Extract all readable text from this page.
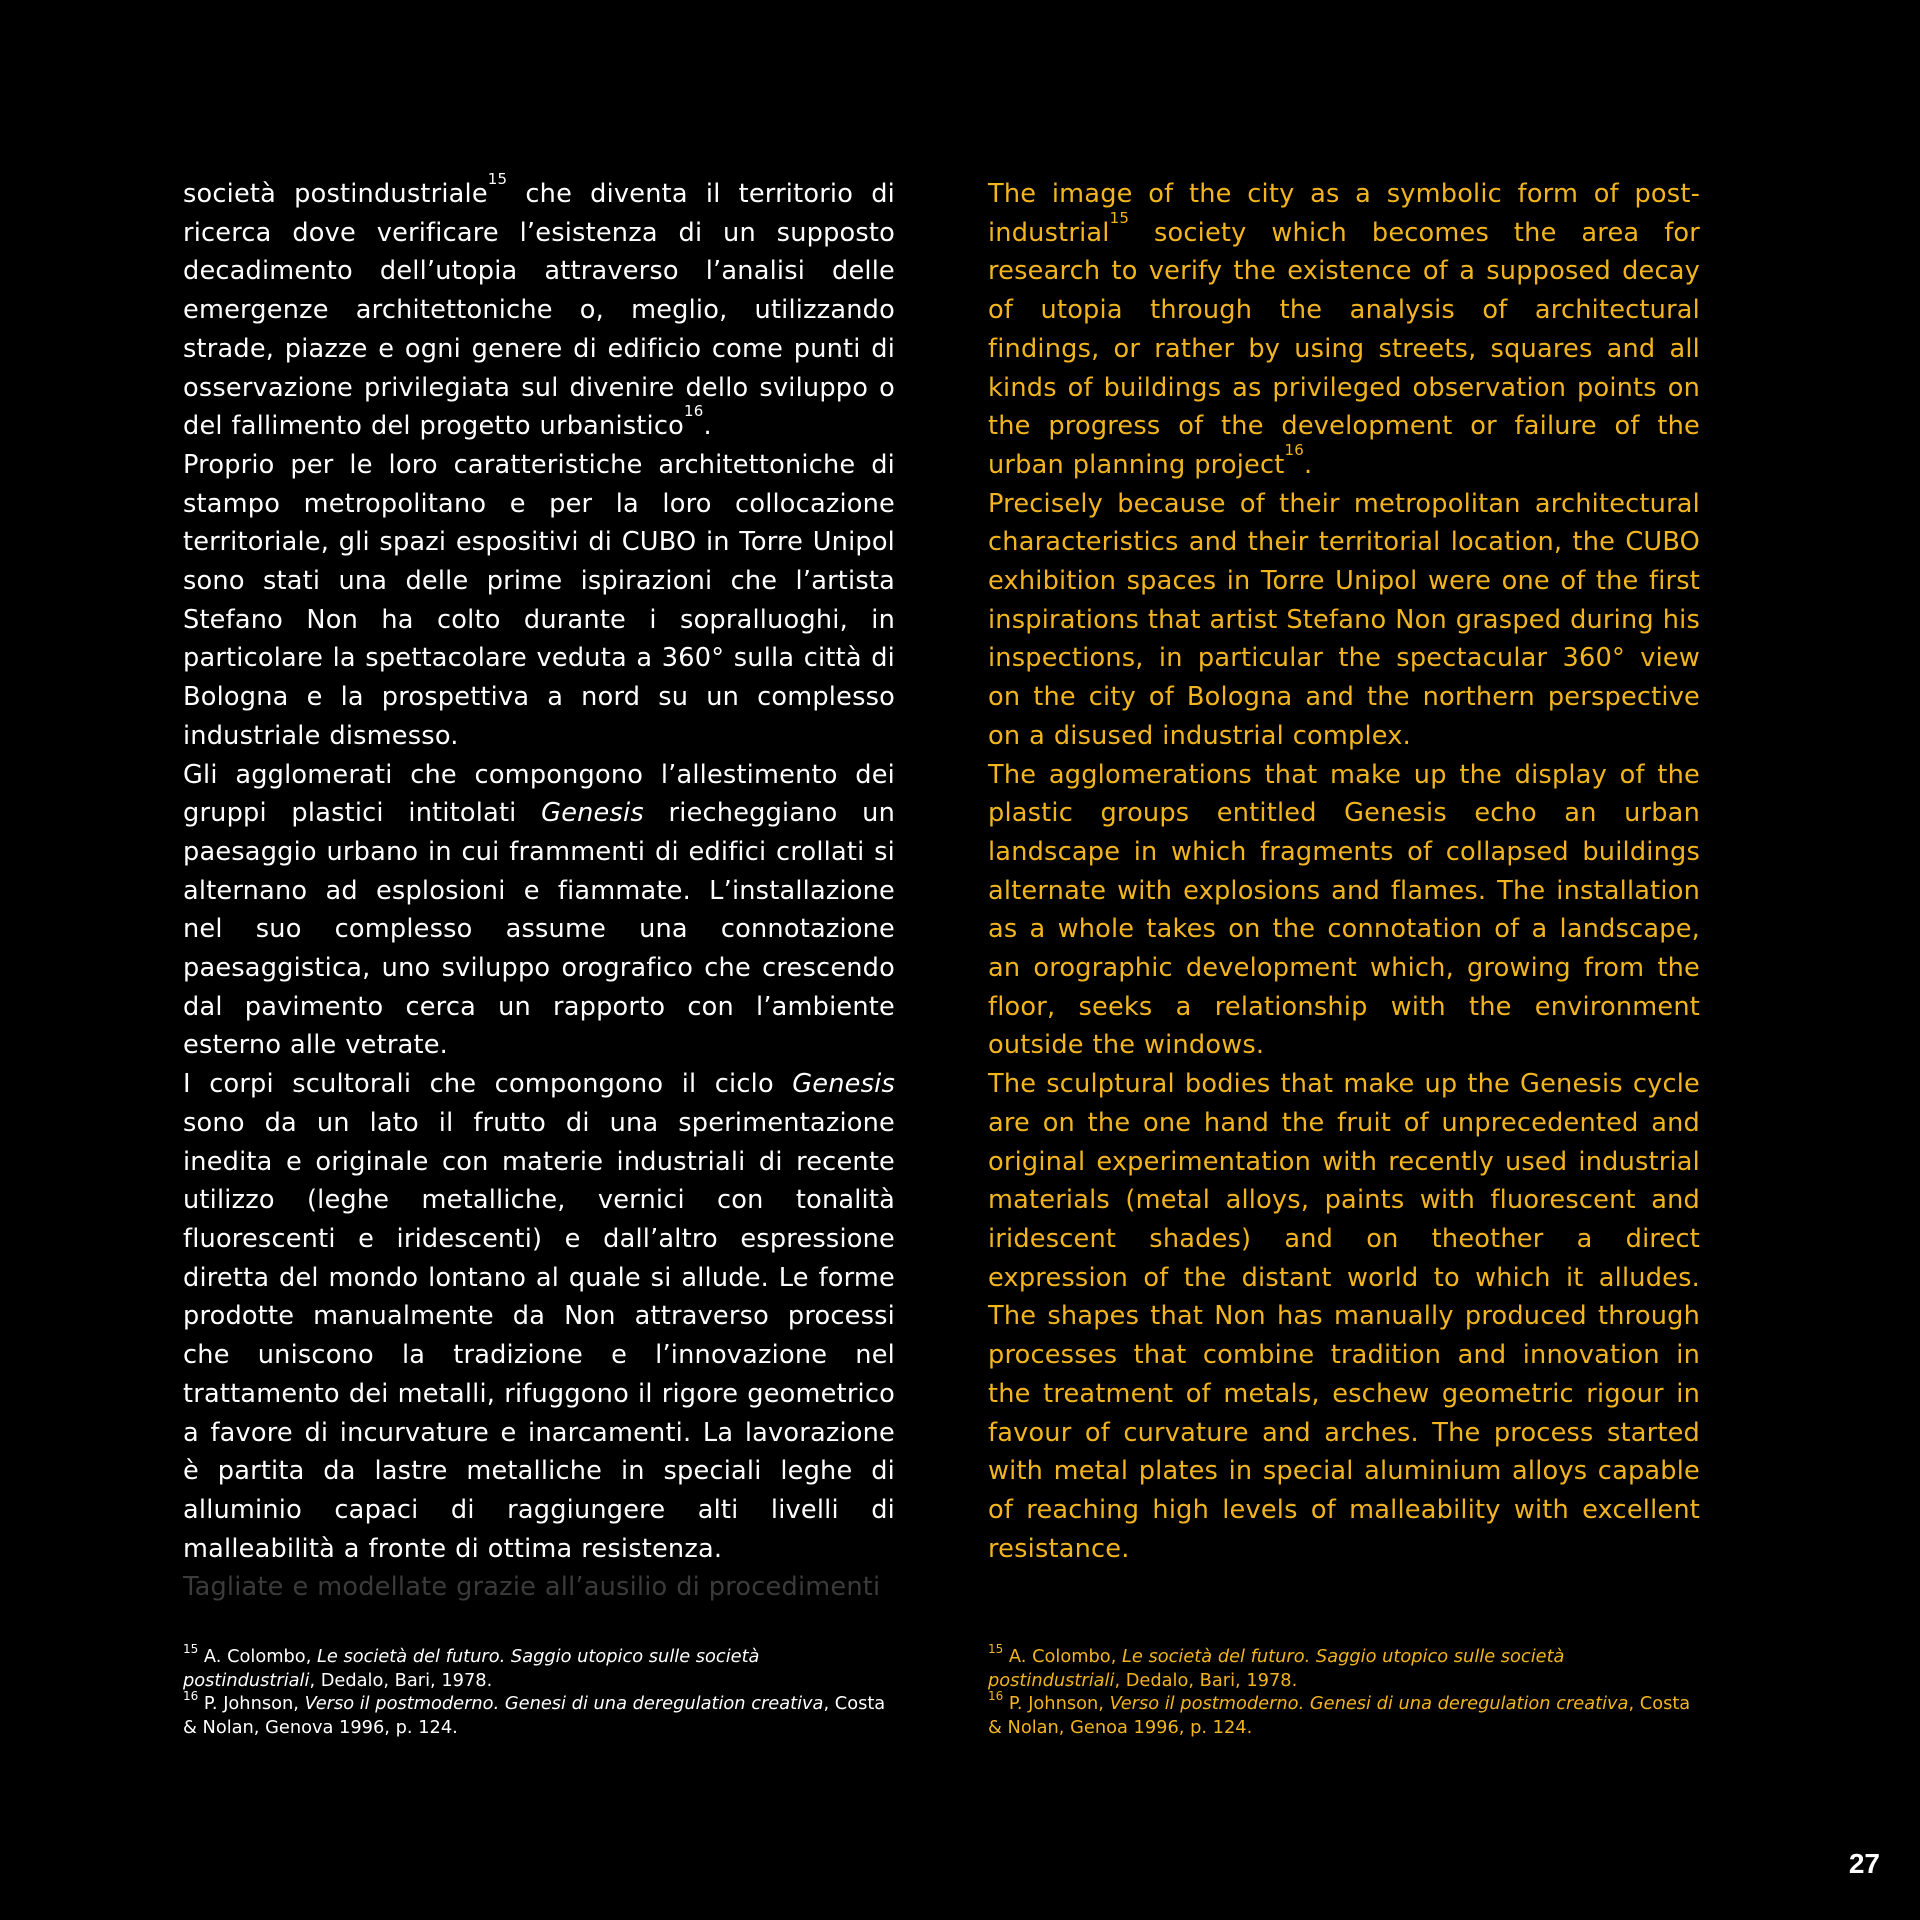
società postindustriale$^{15}$ che diventa il territorio di ricerca dove verificare l’esistenza di un supposto decadimento dell’utopia attraverso l’analisi delle emergenze architettoniche o, meglio, utilizzando strade, piazze e ogni genere di edificio come punti di osservazione privilegiata sul divenire dello sviluppo o del fallimento del progetto urbanistico$^{16}$.

Proprio per le loro caratteristiche architettoniche di stampo metropolitano e per la loro collocazione territoriale, gli spazi espositivi di CUBO in Torre Unipol sono stati una delle prime ispirazioni che l’artista Stefano Non ha colto durante i sopralluoghi, in particolare la spettacolare veduta a 360° sulla città di Bologna e la prospettiva a nord su un complesso industriale dismesso.

Gli agglomerati che compongono l’allestimento dei gruppi plastici intitolati Genesis riecheggiano un paesaggio urbano in cui frammenti di edifici crollati si alternano ad esplosioni e fiammate. L’installazione nel suo complesso assume una connotazione paesaggistica, uno sviluppo orografico che crescendo dal pavimento cerca un rapporto con l’ambiente esterno alle vetrate.

I corpi scultorali che compongono il ciclo Genesis sono da un lato il frutto di una sperimentazione inedita e originale con materie industriali di recente utilizzo (leghe metalliche, vernici con tonalità fluorescenti e iridescenti) e dall’altro espressione diretta del mondo lontano al quale si allude. Le forme prodotte manualmente da Non attraverso processi che uniscono la tradizione e l’innovazione nel trattamento dei metalli, rifuggono il rigore geometrico a favore di incurvature e inarcamenti. La lavorazione è partita da lastre metalliche in speciali leghe di alluminio capaci di raggiungere alti livelli di malleabilità a fronte di ottima resistenza.

Tagliate e modellate grazie all’ausilio di procedimenti

The image of the city as a symbolic form of post-industrial$^{15}$ society which becomes the area for research to verify the existence of a supposed decay of utopia through the analysis of architectural findings, or rather by using streets, squares and all kinds of buildings as privileged observation points on the progress of the development or failure of the urban planning project$^{16}$.

Precisely because of their metropolitan architectural characteristics and their territorial location, the CUBO exhibition spaces in Torre Unipol were one of the first inspirations that artist Stefano Non grasped during his inspections, in particular the spectacular 360° view on the city of Bologna and the northern perspective on a disused industrial complex.

The agglomerations that make up the display of the plastic groups entitled Genesis echo an urban landscape in which fragments of collapsed buildings alternate with explosions and flames. The installation as a whole takes on the connotation of a landscape, an orographic development which, growing from the floor, seeks a relationship with the environment outside the windows.

The sculptural bodies that make up the Genesis cycle are on the one hand the fruit of unprecedented and original experimentation with recently used industrial materials (metal alloys, paints with fluorescent and iridescent shades) and on theother a direct expression of the distant world to which it alludes. The shapes that Non has manually produced through processes that combine tradition and innovation in the treatment of metals, eschew geometric rigour in favour of curvature and arches. The process started with metal plates in special aluminium alloys capable of reaching high levels of malleability with excellent resistance.

$^{15}$ A. Colombo, Le società del futuro. Saggio utopico sulle società postindustriali, Dedalo, Bari, 1978.

$^{16}$ P. Johnson, Verso il postmoderno. Genesi di una deregulation creativa, Costa & Nolan, Genova 1996, p. 124.

$^{15}$ A. Colombo, Le società del futuro. Saggio utopico sulle società postindustriali, Dedalo, Bari, 1978.

$^{16}$ P. Johnson, Verso il postmoderno. Genesi di una deregulation creativa, Costa & Nolan, Genoa 1996, p. 124.

27
